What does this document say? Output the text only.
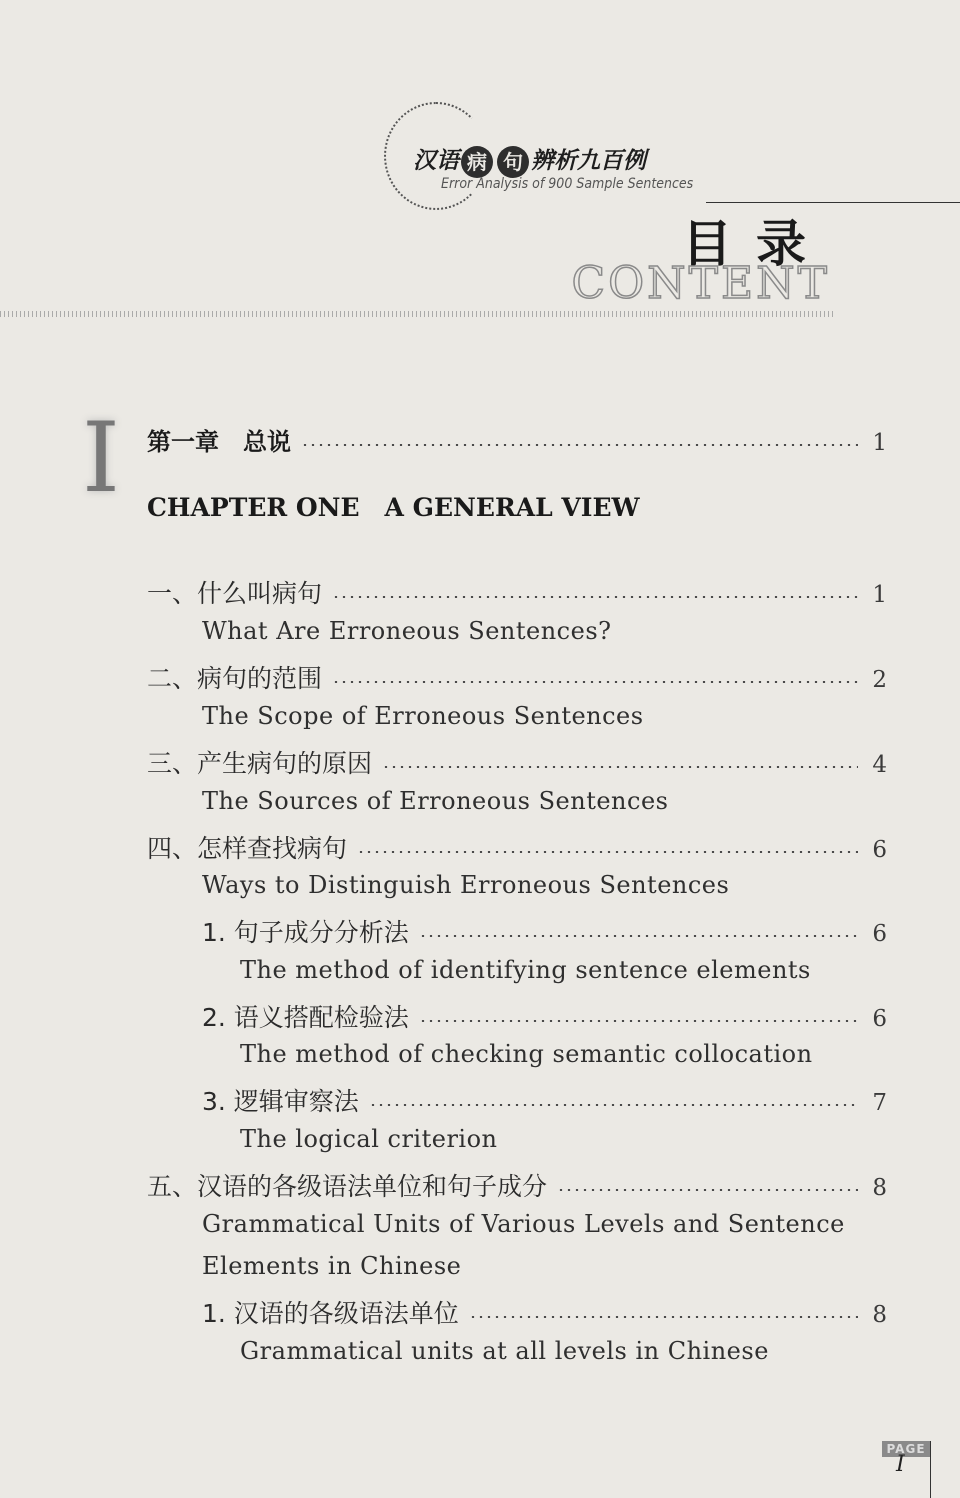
汉语 病 句 辨析九百例
Error Analysis of 900 Sample Sentences
目录
CONTENT
I 第一章　总说	1
CHAPTER ONE　A GENERAL VIEW
一、什么叫病句	1
What Are Erroneous Sentences?
二、病句的范围	2
The Scope of Erroneous Sentences
三、产生病句的原因	4
The Sources of Erroneous Sentences
四、怎样查找病句	6
Ways to Distinguish Erroneous Sentences
1. 句子成分分析法	6
The method of identifying sentence elements
2. 语义搭配检验法	6
The method of checking semantic collocation
3. 逻辑审察法	7
The logical criterion
五、汉语的各级语法单位和句子成分	8
Grammatical Units of Various Levels and Sentence
Elements in Chinese
1. 汉语的各级语法单位	8
Grammatical units at all levels in Chinese
PAGE
I
